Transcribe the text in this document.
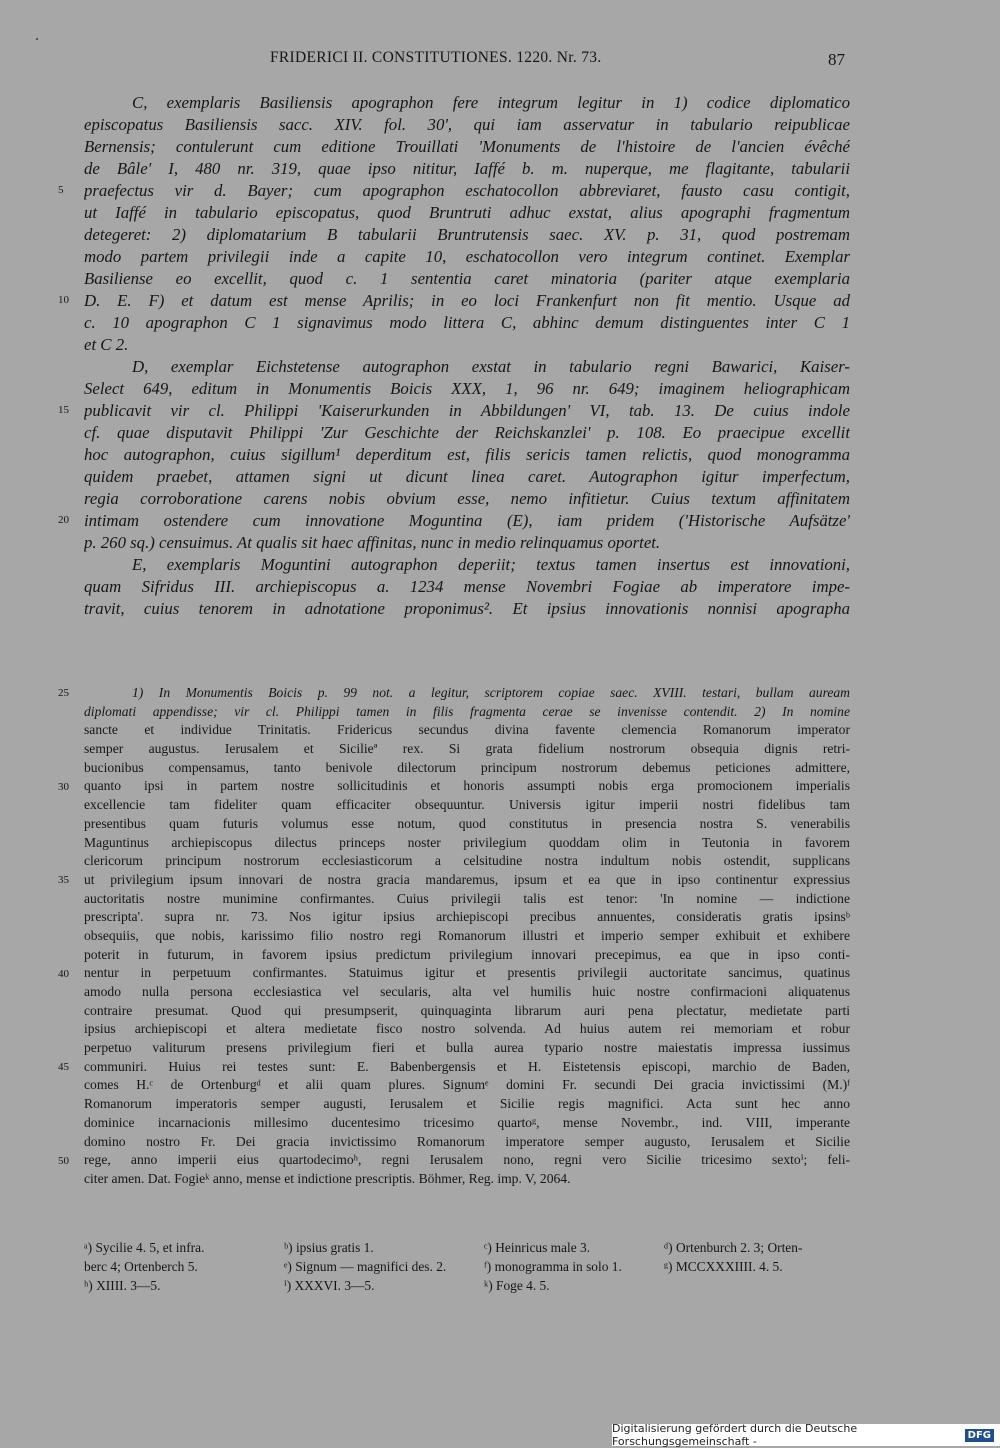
FRIDERICI II. CONSTITUTIONES. 1220. Nr. 73.	87
C, exemplaris Basiliensis apographon fere integrum legitur in 1) codice diplomatico
episcopatus Basiliensis sacc. XIV. fol. 30', qui iam asservatur in tabulario reipublicae
Bernensis; contulerunt cum editione Trouillati 'Monuments de l'histoire de l'ancien évêché
de Bâle' I, 480 nr. 319, quae ipso nititur, Iaffé b. m. nuperque, me flagitante, tabularii
praefectus vir d. Bayer; cum apographon eschatocollon abbreviaret, fausto casu contigit,
ut Iaffé in tabulario episcopatus, quod Bruntruti adhuc exstat, alius apographi fragmentum
detegeret: 2) diplomatarium B tabularii Bruntrutensis saec. XV. p. 31, quod postremam
modo partem privilegii inde a capite 10, eschatocollon vero integrum continet. Exemplar
Basiliense eo excellit, quod c. 1 sententia caret minatoria (pariter atque exemplaria
D. E. F) et datum est mense Aprilis; in eo loci Frankenfurt non fit mentio. Usque ad
c. 10 apographon C 1 signavimus modo littera C, abhinc demum distinguentes inter C 1
et C 2.
D, exemplar Eichstetense autographon exstat in tabulario regni Bawarici, Kaiser-
Select 649, editum in Monumentis Boicis XXX, 1, 96 nr. 649; imaginem heliographicam
publicavit vir cl. Philippi 'Kaiserurkunden in Abbildungen' VI, tab. 13. De cuius indole
cf. quae disputavit Philippi 'Zur Geschichte der Reichskanzlei' p. 108. Eo praecipue excellit
hoc autographon, cuius sigillum¹ deperditum est, filis sericis tamen relictis, quod monogramma
quidem praebet, attamen signi ut dicunt linea caret. Autographon igitur imperfectum,
regia corroboratione carens nobis obvium esse, nemo infitietur. Cuius textum affinitatem
intimam ostendere cum innovatione Moguntina (E), iam pridem ('Historische Aufsätze'
p. 260 sq.) censuimus. At qualis sit haec affinitas, nunc in medio relinquamus oportet.
E, exemplaris Moguntini autographon deperiit; textus tamen insertus est innovationi,
quam Sifridus III. archiepiscopus a. 1234 mense Novembri Fogiae ab imperatore impe-
travit, cuius tenorem in adnotatione proponimus². Et ipsius innovationis nonnisi apographa
5
10
15
20
1) In Monumentis Boicis p. 99 not. a legitur, scriptorem copiae saec. XVIII. testari, bullam auream
diplomati appendisse; vir cl. Philippi tamen in filis fragmenta cerae se invenisse contendit. 2) In nomine
sancte et individue Trinitatis. Fridericus secundus divina favente clemencia Romanorum imperator
semper augustus. Ierusalem et Sicilieª rex. Si grata fidelium nostrorum obsequia dignis retri-
bucionibus compensamus, tanto benivole dilectorum principum nostrorum debemus peticiones admittere,
quanto ipsi in partem nostre sollicitudinis et honoris assumpti nobis erga promocionem imperialis
excellencie tam fideliter quam efficaciter obsequuntur. Universis igitur imperii nostri fidelibus tam
presentibus quam futuris volumus esse notum, quod constitutus in presencia nostra S. venerabilis
Maguntinus archiepiscopus dilectus princeps noster privilegium quoddam olim in Teutonia in favorem
clericorum principum nostrorum ecclesiasticorum a celsitudine nostra indultum nobis ostendit, supplicans
ut privilegium ipsum innovari de nostra gracia mandaremus, ipsum et ea que in ipso continentur expressius
auctoritatis nostre munimine confirmantes. Cuius privilegii talis est tenor: 'In nomine — indictione
prescripta'. supra nr. 73. Nos igitur ipsius archiepiscopi precibus annuentes, consideratis gratis ipsinsᵇ
obsequiis, que nobis, karissimo filio nostro regi Romanorum illustri et imperio semper exhibuit et exhibere
poterit in futurum, in favorem ipsius predictum privilegium innovari precepimus, ea que in ipso conti-
nentur in perpetuum confirmantes. Statuimus igitur et presentis privilegii auctoritate sancimus, quatinus
amodo nulla persona ecclesiastica vel secularis, alta vel humilis huic nostre confirmacioni aliquatenus
contraire presumat. Quod qui presumpserit, quinquaginta librarum auri pena plectatur, medietate parti
ipsius archiepiscopi et altera medietate fisco nostro solvenda. Ad huius autem rei memoriam et robur
perpetuo valiturum presens privilegium fieri et bulla aurea typario nostre maiestatis impressa iussimus
communiri. Huius rei testes sunt: E. Babenbergensis et H. Eistetensis episcopi, marchio de Baden,
comes H.ᶜ de Ortenburgᵈ et alii quam plures. Signumᵉ domini Fr. secundi Dei gracia invictissimi (M.)ᶠ
Romanorum imperatoris semper augusti, Ierusalem et Sicilie regis magnifici. Acta sunt hec anno
dominice incarnacionis millesimo ducentesimo tricesimo quartoᵍ, mense Novembr., ind. VIII, imperante
domino nostro Fr. Dei gracia invictissimo Romanorum imperatore semper augusto, Ierusalem et Sicilie
rege, anno imperii eius quartodecimoʰ, regni Ierusalem nono, regni vero Sicilie tricesimo sextoⁱ; feli-
citer amen. Dat. Fogieᵏ anno, mense et indictione prescriptis. Böhmer, Reg. imp. V, 2064.
25
30
35
40
45
50
ᵃ) Sycilie 4. 5, et infra.	ᵇ) ipsius gratis 1.	ᶜ) Heinricus male 3.	ᵈ) Ortenburch 2. 3; Orten-
berc 4; Ortenberch 5.	ᵉ) Signum — magnifici des. 2.	ᶠ) monogramma in solo 1.	ᵍ) MCCXXXIIII. 4. 5.
ʰ) XIIII. 3—5.	ⁱ) XXXVI. 3—5.	ᵏ) Foge 4. 5.
Digitalisierung gefördert durch die Deutsche Forschungsgemeinschaft -	DFG
